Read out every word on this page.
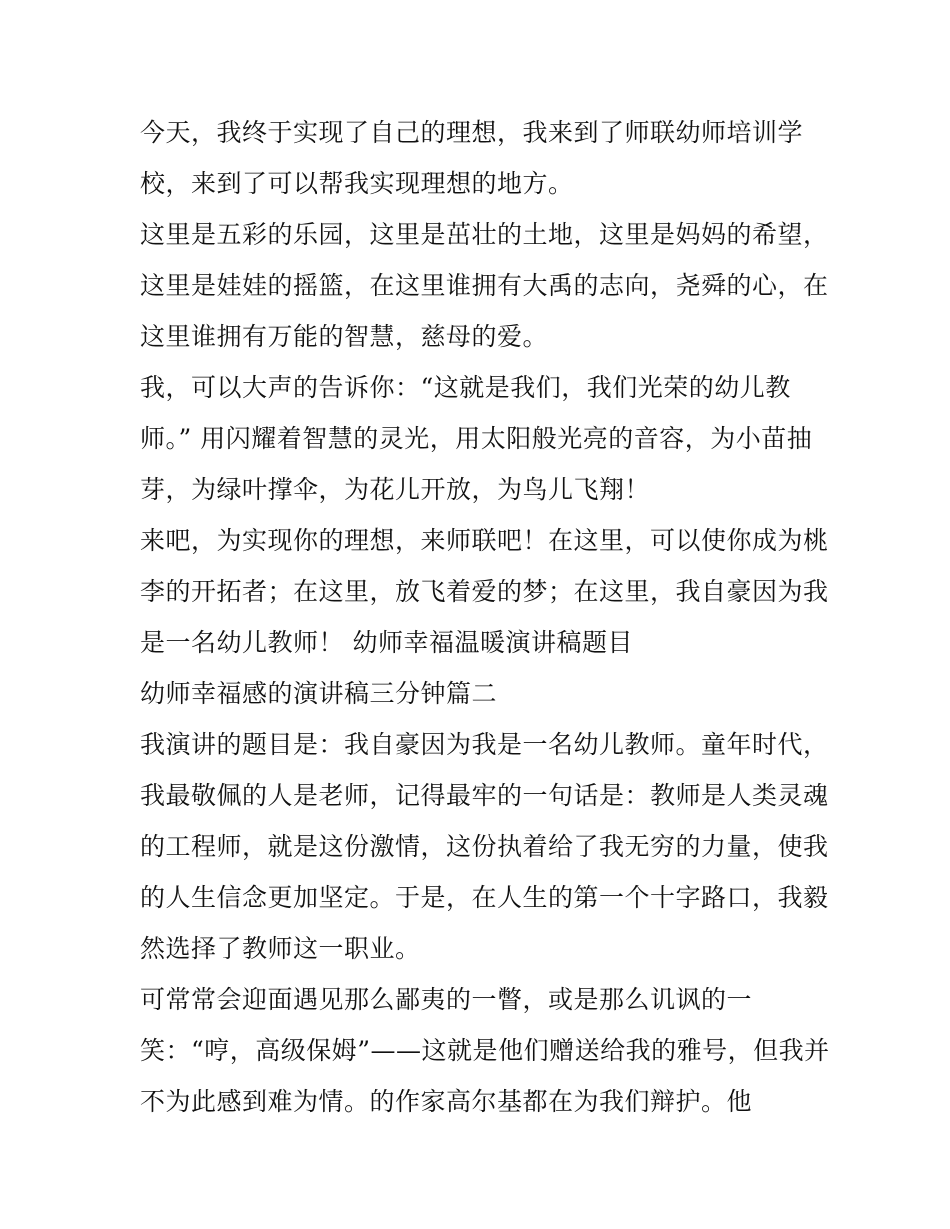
今天，我终于实现了自己的理想，我来到了师联幼师培训学
校，来到了可以帮我实现理想的地方。
这里是五彩的乐园，这里是茁壮的土地，这里是妈妈的希望，
这里是娃娃的摇篮，在这里谁拥有大禹的志向，尧舜的心，在
这里谁拥有万能的智慧，慈母的爱。
我，可以大声的告诉你：“这就是我们，我们光荣的幼儿教
师。” 用闪耀着智慧的灵光，用太阳般光亮的音容，为小苗抽
芽，为绿叶撑伞，为花儿开放，为鸟儿飞翔！
来吧，为实现你的理想，来师联吧！在这里，可以使你成为桃
李的开拓者；在这里，放飞着爱的梦；在这里，我自豪因为我
是一名幼儿教师！ 幼师幸福温暖演讲稿题目
幼师幸福感的演讲稿三分钟篇二
我演讲的题目是：我自豪因为我是一名幼儿教师。童年时代，
我最敬佩的人是老师，记得最牢的一句话是：教师是人类灵魂
的工程师，就是这份激情，这份执着给了我无穷的力量，使我
的人生信念更加坚定。于是，在人生的第一个十字路口，我毅
然选择了教师这一职业。
可常常会迎面遇见那么鄙夷的一瞥，或是那么讥讽的一
笑：“哼，高级保姆”——这就是他们赠送给我的雅号，但我并
不为此感到难为情。的作家高尔基都在为我们辩护。他
